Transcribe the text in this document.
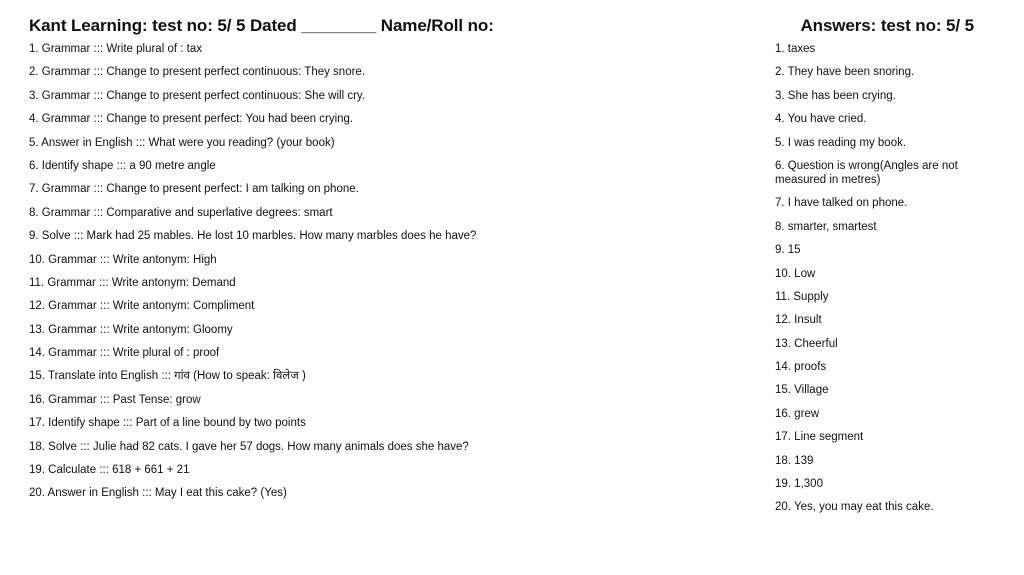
Kant Learning: test no: 5/ 5 Dated ________ Name/Roll no:	Answers: test no: 5/ 5
1. Grammar ::: Write plural of : tax
2. Grammar ::: Change to present perfect continuous: They snore.
3. Grammar ::: Change to present perfect continuous: She will cry.
4. Grammar ::: Change to present perfect: You had been crying.
5. Answer in English ::: What were you reading? (your book)
6. Identify shape ::: a 90 metre angle
7. Grammar ::: Change to present perfect: I am talking on phone.
8. Grammar ::: Comparative and superlative degrees: smart
9. Solve ::: Mark had 25 mables. He lost 10 marbles. How many marbles does he have?
10. Grammar ::: Write antonym: High
11. Grammar ::: Write antonym: Demand
12. Grammar ::: Write antonym: Compliment
13. Grammar ::: Write antonym: Gloomy
14. Grammar ::: Write plural of : proof
15. Translate into English ::: गांव (How to speak: विलेज )
16. Grammar ::: Past Tense: grow
17. Identify shape ::: Part of a line bound by two points
18. Solve ::: Julie had 82 cats. I gave her 57 dogs. How many animals does she have?
19. Calculate ::: 618 + 661 + 21
20. Answer in English ::: May I eat this cake? (Yes)
1. taxes
2. They have been snoring.
3. She has been crying.
4. You have cried.
5. I was reading my book.
6. Question is wrong(Angles are not measured in metres)
7. I have talked on phone.
8. smarter, smartest
9. 15
10. Low
11. Supply
12. Insult
13. Cheerful
14. proofs
15. Village
16. grew
17. Line segment
18. 139
19. 1,300
20. Yes, you may eat this cake.
